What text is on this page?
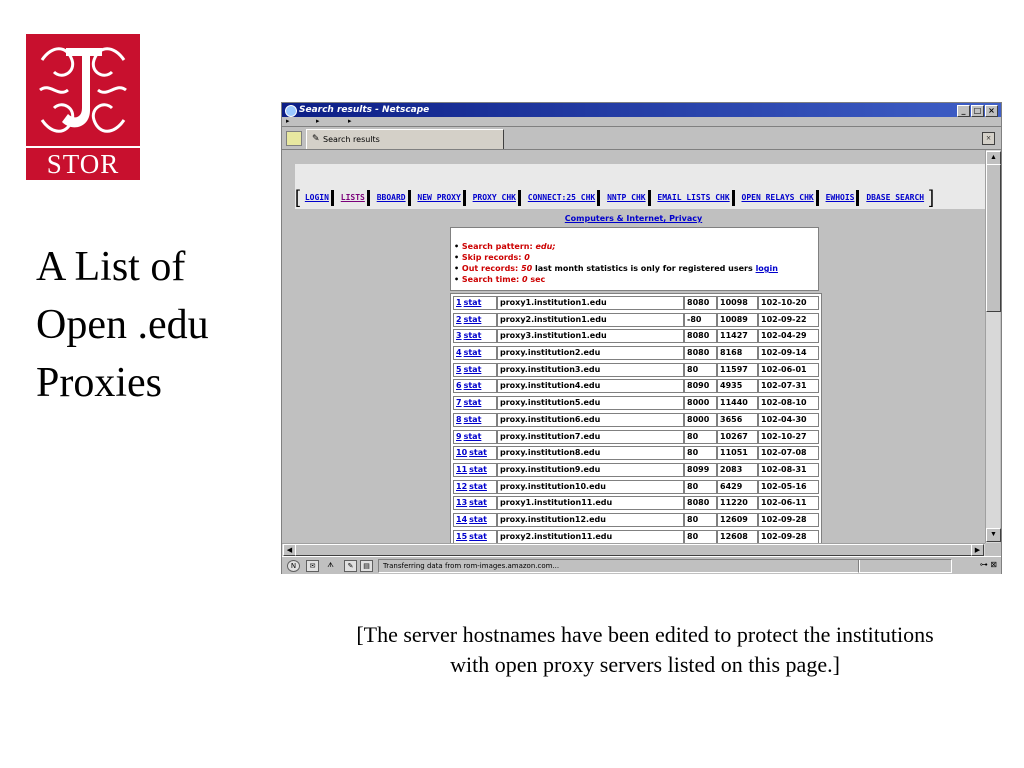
STOR
A List of
Open .edu
Proxies
[The server hostnames have been edited to protect the institutions
with open proxy servers listed on this page.]
Search results - Netscape	_	□ ×
▸	▸	▸
✎ Search results	×
[ LOGIN LISTS BBOARD NEW PROXY PROXY CHK CONNECT:25 CHK NNTP CHK EMAIL LISTS CHK OPEN RELAYS CHK EWHOIS DBASE SEARCH ]
Computers & Internet, Privacy
• Search pattern: edu;
• Skip records: 0
• Out records: 50 last month statistics is only for registered users login
• Search time: 0 sec
1 stat	proxy1.institution1.edu	8080	10098	102-10-20
2 stat	proxy2.institution1.edu	-80	10089	102-09-22
3 stat	proxy3.institution1.edu	8080	11427	102-04-29
4 stat	proxy.institution2.edu	8080	8168	102-09-14
5 stat	proxy.institution3.edu	80	11597	102-06-01
6 stat	proxy.institution4.edu	8090	4935	102-07-31
7 stat	proxy.institution5.edu	8000	11440	102-08-10
8 stat	proxy.institution6.edu	8000	3656	102-04-30
9 stat	proxy.institution7.edu	80	10267	102-10-27
10 stat	proxy.institution8.edu	80	11051	102-07-08
11 stat	proxy.institution9.edu	8099	2083	102-08-31
12 stat	proxy.institution10.edu	80	6429	102-05-16
13 stat	proxy1.institution11.edu	8080	11220	102-06-11
14 stat	proxy.institution12.edu	80	12609	102-09-28
15 stat	proxy2.institution11.edu	80	12608	102-09-28
▲
▼
◀	▶
N	✉	ᗑ	✎	▤	Transferring data from rom-images.amazon.com...	⊶ ⊠
